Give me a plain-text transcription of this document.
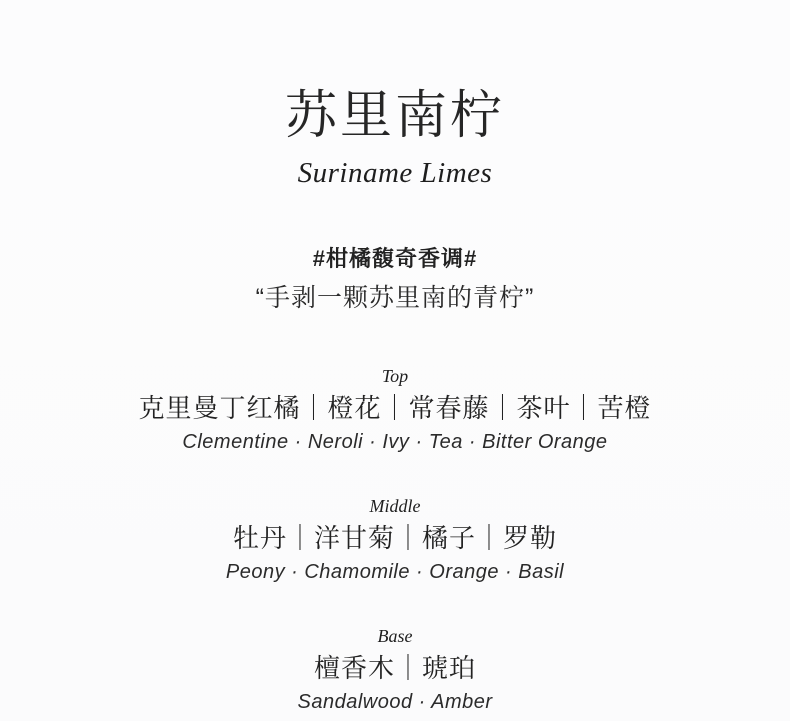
苏里南柠
Suriname Limes
#柑橘馥奇香调#
“手剥一颗苏里南的青柠”
Top
克里曼丁红橘｜橙花｜常春藤｜茶叶｜苦橙
Clementine · Neroli · Ivy · Tea · Bitter Orange
Middle
牡丹｜洋甘菊｜橘子｜罗勒
Peony · Chamomile · Orange · Basil
Base
檀香木｜琥珀
Sandalwood · Amber
